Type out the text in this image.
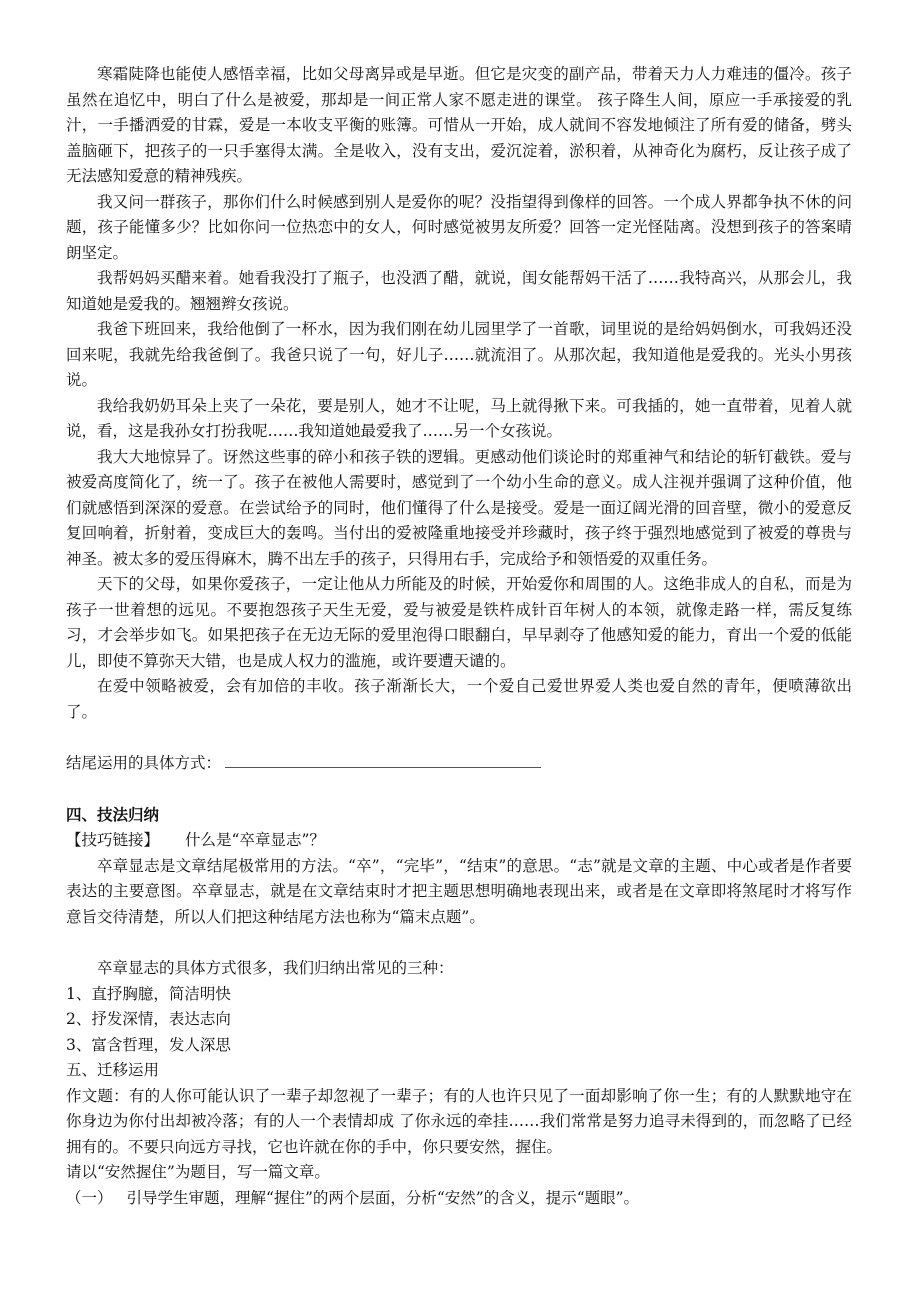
寒霜陡降也能使人感悟幸福，比如父母离异或是早逝。但它是灾变的副产品，带着天力人力难违的僵冷。孩子虽然在追忆中，明白了什么是被爱，那却是一间正常人家不愿走进的课堂。 孩子降生人间，原应一手承接爱的乳汁，一手播洒爱的甘霖，爱是一本收支平衡的账簿。可惜从一开始，成人就间不容发地倾注了所有爱的储备，劈头盖脑砸下，把孩子的一只手塞得太满。全是收入，没有支出，爱沉淀着，淤积着，从神奇化为腐朽，反让孩子成了无法感知爱意的精神残疾。

我又问一群孩子，那你们什么时候感到别人是爱你的呢？没指望得到像样的回答。一个成人界都争执不休的问题，孩子能懂多少？比如你问一位热恋中的女人，何时感觉被男友所爱？回答一定光怪陆离。没想到孩子的答案晴朗坚定。

我帮妈妈买醋来着。她看我没打了瓶子，也没洒了醋，就说，闺女能帮妈干活了……我特高兴，从那会儿，我知道她是爱我的。翘翘辫女孩说。

我爸下班回来，我给他倒了一杯水，因为我们刚在幼儿园里学了一首歌，词里说的是给妈妈倒水，可我妈还没回来呢，我就先给我爸倒了。我爸只说了一句，好儿子……就流泪了。从那次起，我知道他是爱我的。光头小男孩说。

我给我奶奶耳朵上夹了一朵花，要是别人，她才不让呢，马上就得揪下来。可我插的，她一直带着，见着人就说，看，这是我孙女打扮我呢……我知道她最爱我了……另一个女孩说。

我大大地惊异了。讶然这些事的碎小和孩子铁的逻辑。更感动他们谈论时的郑重神气和结论的斩钉截铁。爱与被爱高度简化了，统一了。孩子在被他人需要时，感觉到了一个幼小生命的意义。成人注视并强调了这种价值，他们就感悟到深深的爱意。在尝试给予的同时，他们懂得了什么是接受。爱是一面辽阔光滑的回音壁，微小的爱意反复回响着，折射着，变成巨大的轰鸣。当付出的爱被隆重地接受并珍藏时，孩子终于强烈地感觉到了被爱的尊贵与神圣。被太多的爱压得麻木，腾不出左手的孩子，只得用右手，完成给予和领悟爱的双重任务。

天下的父母，如果你爱孩子，一定让他从力所能及的时候，开始爱你和周围的人。这绝非成人的自私，而是为孩子一世着想的远见。不要抱怨孩子天生无爱，爱与被爱是铁杵成针百年树人的本领，就像走路一样，需反复练习，才会举步如飞。如果把孩子在无边无际的爱里泡得口眼翻白，早早剥夺了他感知爱的能力，育出一个爱的低能儿，即使不算弥天大错，也是成人权力的滥施，或许要遭天谴的。

在爱中领略被爱，会有加倍的丰收。孩子渐渐长大，一个爱自己爱世界爱人类也爱自然的青年，便喷薄欲出了。

结尾运用的具体方式：

四、技法归纳

【技巧链接】 什么是“卒章显志”？

卒章显志是文章结尾极常用的方法。“卒”，“完毕”，“结束”的意思。“志”就是文章的主题、中心或者是作者要表达的主要意图。卒章显志，就是在文章结束时才把主题思想明确地表现出来，或者是在文章即将煞尾时才将写作意旨交待清楚，所以人们把这种结尾方法也称为“篇末点题”。

卒章显志的具体方式很多，我们归纳出常见的三种：

1、直抒胸臆，简洁明快

2、抒发深情，表达志向

3、富含哲理，发人深思

五、迁移运用

作文题：有的人你可能认识了一辈子却忽视了一辈子；有的人也许只见了一面却影响了你一生；有的人默默地守在你身边为你付出却被冷落；有的人一个表情却成 了你永远的牵挂……我们常常是努力追寻未得到的，而忽略了已经拥有的。不要只向远方寻找，它也许就在你的手中，你只要安然，握住。

请以“安然握住”为题目，写一篇文章。

（一） 引导学生审题，理解“握住”的两个层面，分析“安然”的含义，提示“题眼”。
